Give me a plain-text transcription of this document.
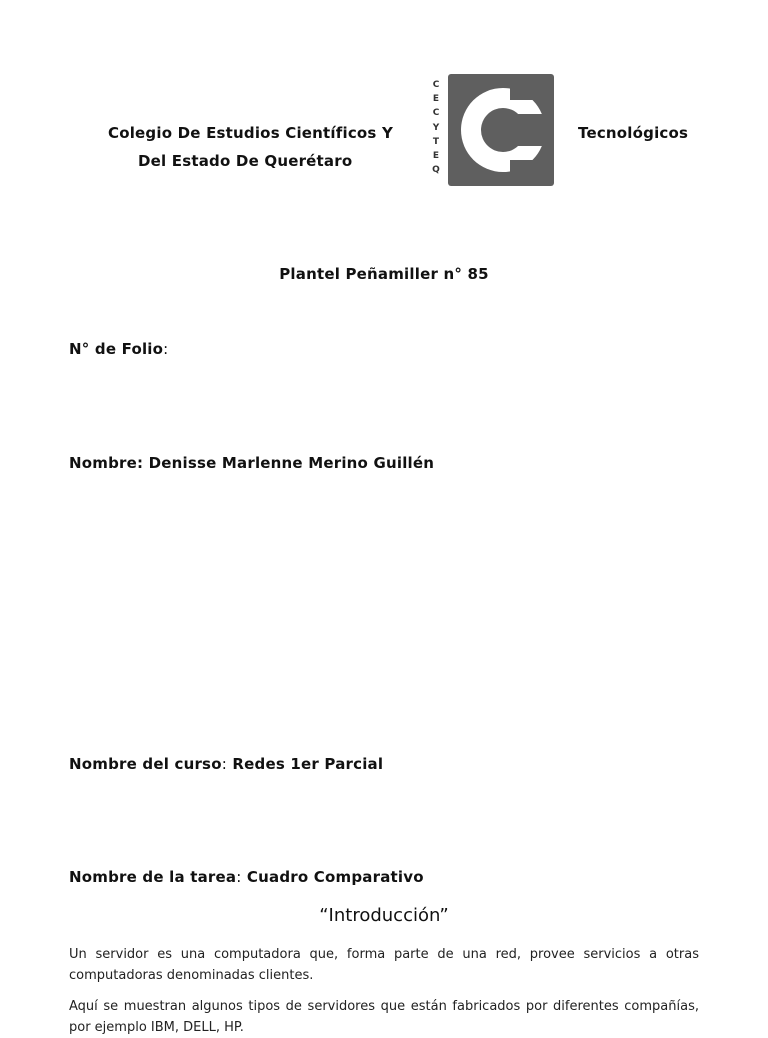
Colegio De Estudios Científicos Y
Del Estado De Querétaro
Tecnológicos
C
E
C
Y
T
E
Q
Plantel Peñamiller n° 85
N° de Folio:
Nombre: Denisse Marlenne Merino Guillén
Nombre del curso: Redes 1er Parcial
Nombre de la tarea: Cuadro Comparativo
“Introducción”
Un servidor es una computadora que, forma parte de una red, provee servicios a otras computadoras denominadas clientes.
Aquí se muestran algunos tipos de servidores que están fabricados por diferentes compañías, por ejemplo IBM, DELL, HP.
